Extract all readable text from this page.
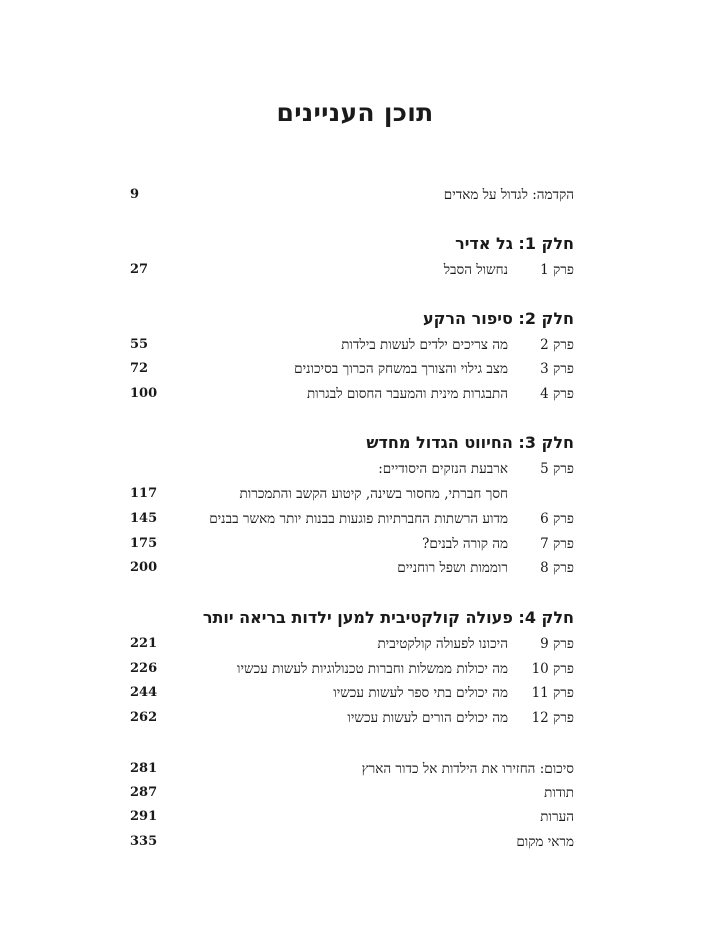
תוכן העניינים
הקדמה: לגדול על מאדים
9
חלק 1: גל אדיר
פרק 1
נחשול הסבל
27
חלק 2: סיפור הרקע
פרק 2
מה צריכים ילדים לעשות בילדות
55
פרק 3
מצב גילוי והצורך במשחק הכרוך בסיכונים
72
פרק 4
התבגרות מינית והמעבר החסום לבגרות
100
חלק 3: החיווט הגדול מחדש
פרק 5
ארבעת הנזקים היסודיים:
חסך חברתי, מחסור בשינה, קיטוע הקשב והתמכרות
117
פרק 6
מדוע הרשתות החברתיות פוגעות בבנות יותר מאשר בבנים
145
פרק 7
מה קורה לבנים?
175
פרק 8
רוממות ושפל רוחניים
200
חלק 4: פעולה קולקטיבית למען ילדות בריאה יותר
פרק 9
היכונו לפעולה קולקטיבית
221
פרק 10
מה יכולות ממשלות וחברות טכנולוגיות לעשות עכשיו
226
פרק 11
מה יכולים בתי ספר לעשות עכשיו
244
פרק 12
מה יכולים הורים לעשות עכשיו
262
סיכום: החזירו את הילדות אל כדור הארץ
281
תודות
287
הערות
291
מראי מקום
335
